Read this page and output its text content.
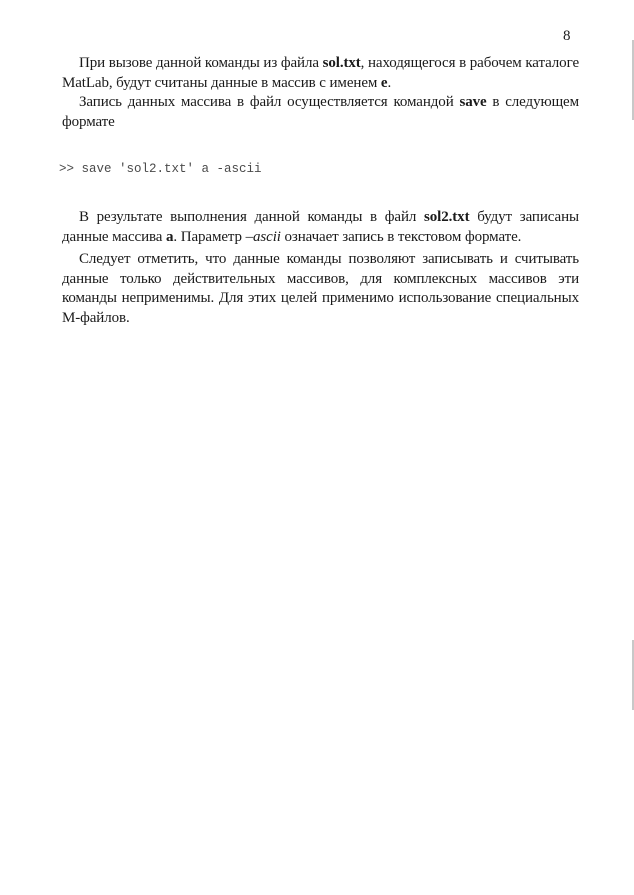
8

При вызове данной команды из файла sol.txt, находящегося в рабочем каталоге MatLab, будут считаны данные в массив с именем e.

Запись данных массива в файл осуществляется командой save в следующем формате

>> save 'sol2.txt' a -ascii

В результате выполнения данной команды в файл sol2.txt будут записаны данные массива а. Параметр –ascii означает запись в текстовом формате.

Следует отметить, что данные команды позволяют записывать и считывать данные только действительных массивов, для комплексных массивов эти команды неприменимы. Для этих целей применимо использование специальных М-файлов.
